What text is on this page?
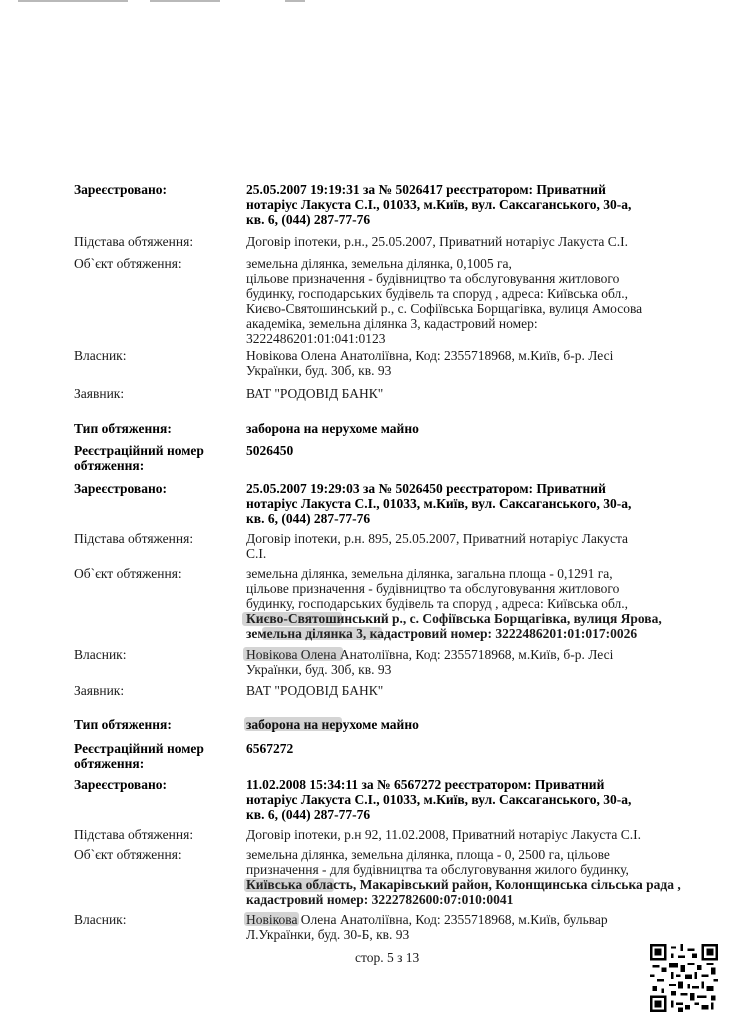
Зареєстровано:	25.05.2007 19:19:31 за № 5026417 реєстратором: Приватний
нотаріус Лакуста С.І., 01033, м.Київ, вул. Саксаганського, 30-а,
кв. 6, (044) 287-77-76
Підстава обтяження:	Договір іпотеки, р.н., 25.05.2007, Приватний нотаріус Лакуста С.І.
Об`єкт обтяження:	земельна ділянка, земельна ділянка, 0,1005 га,
цільове призначення - будівництво та обслуговування житлового
будинку, господарських будівель та споруд , адреса: Київська обл.,
Києво-Святошинський р., с. Софіївська Борщагівка, вулиця Амосова
академіка, земельна ділянка 3, кадастровий номер:
3222486201:01:041:0123
Власник:	Новікова Олена Анатоліївна, Код: 2355718968, м.Київ, б-р. Лесі
Українки, буд. 30б, кв. 93
Заявник:	ВАТ "РОДОВІД БАНК"
Тип обтяження:	заборона на нерухоме майно
Реєстраційний номер
обтяження:
5026450
Зареєстровано:	25.05.2007 19:29:03 за № 5026450 реєстратором: Приватний
нотаріус Лакуста С.І., 01033, м.Київ, вул. Саксаганського, 30-а,
кв. 6, (044) 287-77-76
Підстава обтяження:	Договір іпотеки, р.н. 895, 25.05.2007, Приватний нотаріус Лакуста
С.І.
Об`єкт обтяження:	земельна ділянка, земельна ділянка, загальна площа - 0,1291 га,
цільове призначення - будівництво та обслуговування житлового
будинку, господарських будівель та споруд , адреса: Київська обл.,
Києво-Святошинський р., с. Софіївська Борщагівка, вулиця Ярова,
земельна ділянка 3, кадастровий номер: 3222486201:01:017:0026
Власник:	Новікова Олена Анатоліївна, Код: 2355718968, м.Київ, б-р. Лесі
Українки, буд. 30б, кв. 93
Заявник:	ВАТ "РОДОВІД БАНК"
Тип обтяження:	заборона на нерухоме майно
Реєстраційний номер
обтяження:
6567272
Зареєстровано:	11.02.2008 15:34:11 за № 6567272 реєстратором: Приватний
нотаріус Лакуста С.І., 01033, м.Київ, вул. Саксаганського, 30-а,
кв. 6, (044) 287-77-76
Підстава обтяження:	Договір іпотеки, р.н 92, 11.02.2008, Приватний нотаріус Лакуста С.І.
Об`єкт обтяження:	земельна ділянка, земельна ділянка, площа - 0, 2500 га, цільове
призначення - для будівництва та обслуговування жилого будинку,
Київська область, Макарівський район, Колонщинська сільська рада ,
кадастровий номер: 3222782600:07:010:0041
Власник:	Новікова Олена Анатоліївна, Код: 2355718968, м.Київ, бульвар
Л.Українки, буд. 30-Б, кв. 93
стор. 5 з 13
